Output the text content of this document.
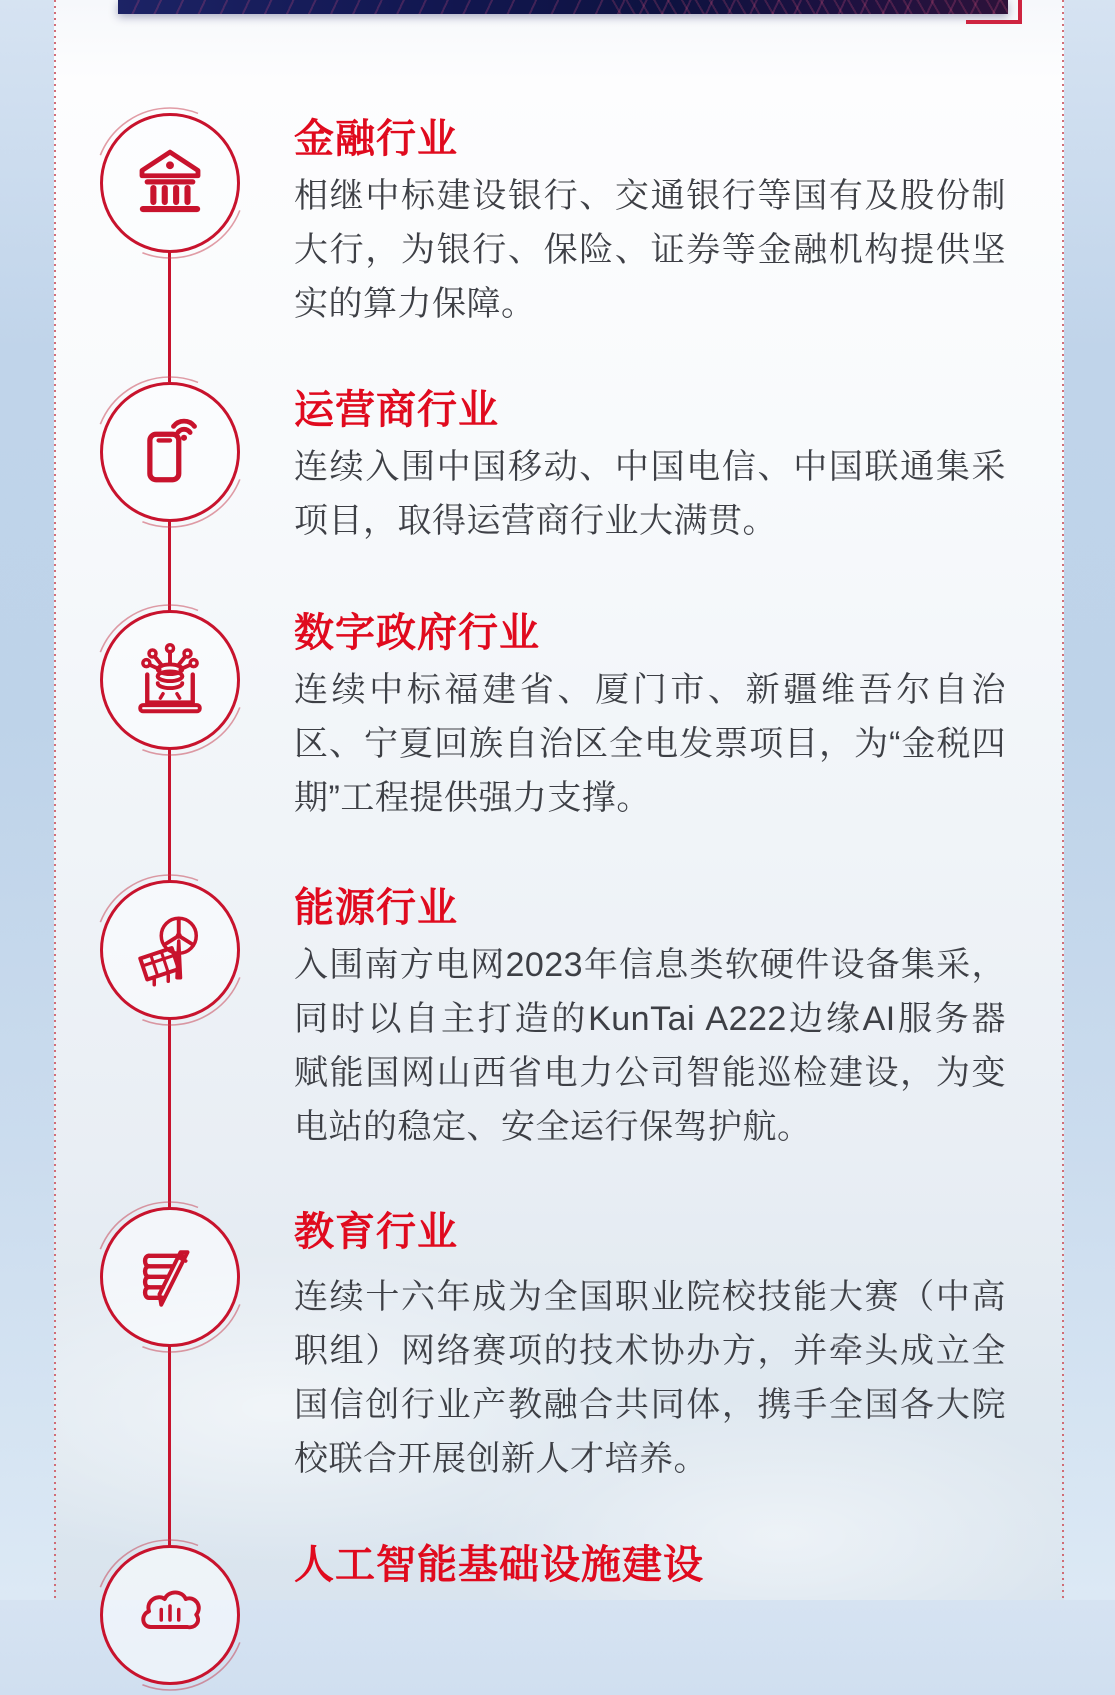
金融行业

相继中标建设银行、交通银行等国有及股份制大行，为银行、保险、证券等金融机构提供坚实的算力保障。

运营商行业

连续入围中国移动、中国电信、中国联通集采项目，取得运营商行业大满贯。

数字政府行业

连续中标福建省、厦门市、新疆维吾尔自治区、宁夏回族自治区全电发票项目，为“金税四期”工程提供强力支撑。

能源行业

入围南方电网2023年信息类软硬件设备集采，同时以自主打造的KunTai A222边缘AI服务器赋能国网山西省电力公司智能巡检建设，为变电站的稳定、安全运行保驾护航。

教育行业

连续十六年成为全国职业院校技能大赛（中高职组）网络赛项的技术协办方，并牵头成立全国信创行业产教融合共同体，携手全国各大院校联合开展创新人才培养。

人工智能基础设施建设
